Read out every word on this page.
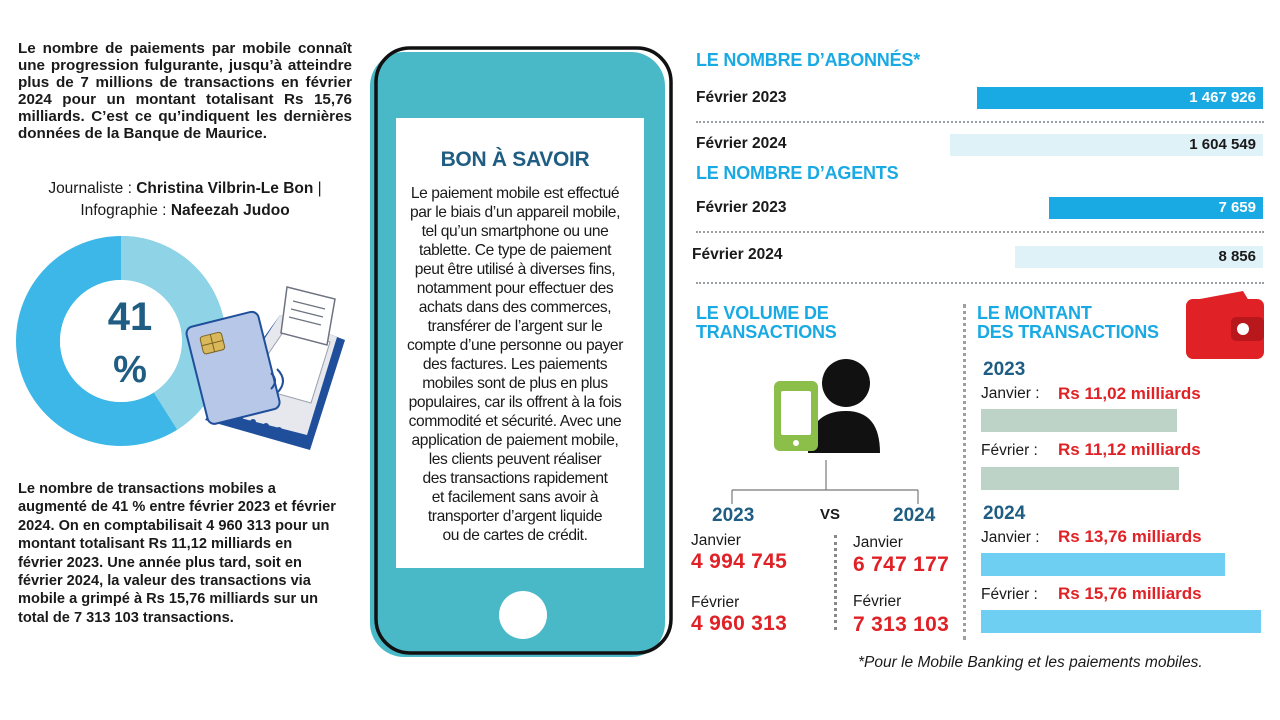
Le nombre de paiements par mobile connaît une progression fulgurante, jusqu’à atteindre plus de 7 millions de transactions en février 2024 pour un montant totalisant Rs 15,76 milliards. C’est ce qu’indiquent les dernières données de la Banque de Maurice.
Journaliste : Christina Vilbrin-Le Bon |
Infographie : Nafeezah Judoo
41
%
Le nombre de transactions mobiles a augmenté de 41 % entre février 2023 et février 2024. On en comptabilisait 4 960 313 pour un montant totalisant Rs 11,12 milliards en février 2023. Une année plus tard, soit en février 2024, la valeur des transactions via mobile a grimpé à Rs 15,76 milliards sur un total de 7 313 103 transactions.
BON À SAVOIR
Le paiement mobile est effectué
par le biais d’un appareil mobile,
tel qu’un smartphone ou une
tablette. Ce type de paiement
peut être utilisé à diverses fins,
notamment pour effectuer des
achats dans des commerces,
transférer de l’argent sur le
compte d’une personne ou payer
des factures. Les paiements
mobiles sont de plus en plus
populaires, car ils offrent à la fois
commodité et sécurité. Avec une
application de paiement mobile,
les clients peuvent réaliser
des transactions rapidement
et facilement sans avoir à
transporter d’argent liquide
ou de cartes de crédit.
LE NOMBRE D’ABONNÉS*
Février 2023	1 467 926
Février 2024	1 604 549
LE NOMBRE D’AGENTS
Février 2023	7 659
Février 2024	8 856
LE VOLUME DE
TRANSACTIONS
2023	VS	2024
Janvier
4 994 745
Février
4 960 313
Janvier
6 747 177
Février
7 313 103
LE MONTANT
DES TRANSACTIONS
2023
Janvier : Rs 11,02 milliards
Février : Rs 11,12 milliards
2024
Janvier : Rs 13,76 milliards
Février : Rs 15,76 milliards
*Pour le Mobile Banking et les paiements mobiles.
